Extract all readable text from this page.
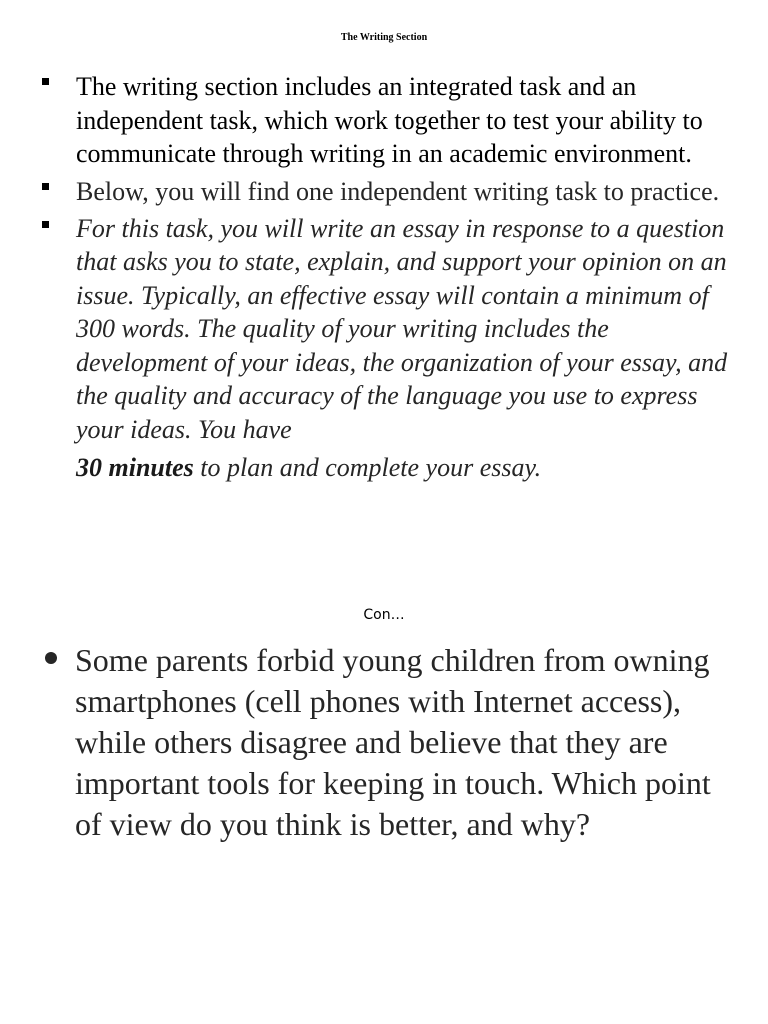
The Writing Section
The writing section includes an integrated task and an independent task, which work together to test your ability to communicate through writing in an academic environment.
Below, you will find one independent writing task to practice.
For this task, you will write an essay in response to a question that asks you to state, explain, and support your opinion on an issue. Typically, an effective essay will contain a minimum of 300 words. The quality of your writing includes the development of your ideas, the organization of your essay, and the quality and accuracy of the language you use to express your ideas. You have
30 minutes to plan and complete your essay.
Con…
Some parents forbid young children from owning smartphones (cell phones with Internet access), while others disagree and believe that they are important tools for keeping in touch. Which point of view do you think is better, and why?
